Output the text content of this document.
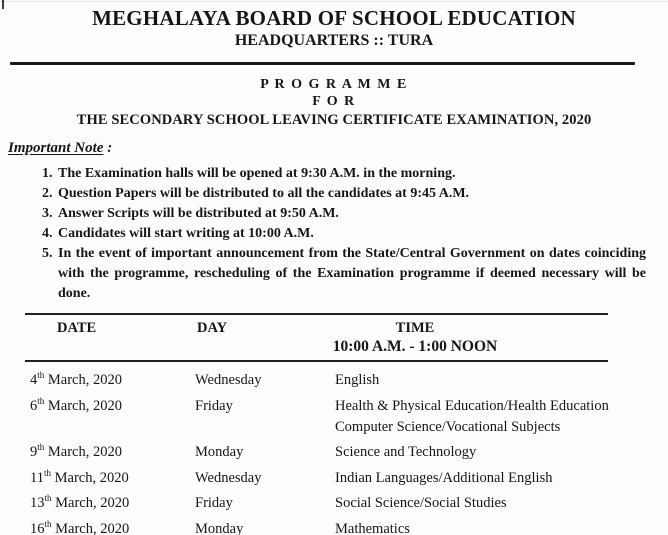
MEGHALAYA BOARD OF SCHOOL EDUCATION
HEADQUARTERS :: TURA
P R O G R A M M E
F O R
THE SECONDARY SCHOOL LEAVING CERTIFICATE EXAMINATION, 2020
Important Note :
1. The Examination halls will be opened at 9:30 A.M. in the morning.
2. Question Papers will be distributed to all the candidates at 9:45 A.M.
3. Answer Scripts will be distributed at 9:50 A.M.
4. Candidates will start writing at 10:00 A.M.
5. In the event of important announcement from the State/Central Government on dates coinciding with the programme, rescheduling of the Examination programme if deemed necessary will be done.
DATE	DAY	TIME
10:00 A.M. - 1:00 NOON
4th March, 2020	Wednesday	English
6th March, 2020	Friday	Health & Physical Education/Health Education
Computer Science/Vocational Subjects
9th March, 2020	Monday	Science and Technology
11th March, 2020	Wednesday	Indian Languages/Additional English
13th March, 2020	Friday	Social Science/Social Studies
16th March, 2020	Monday	Mathematics
